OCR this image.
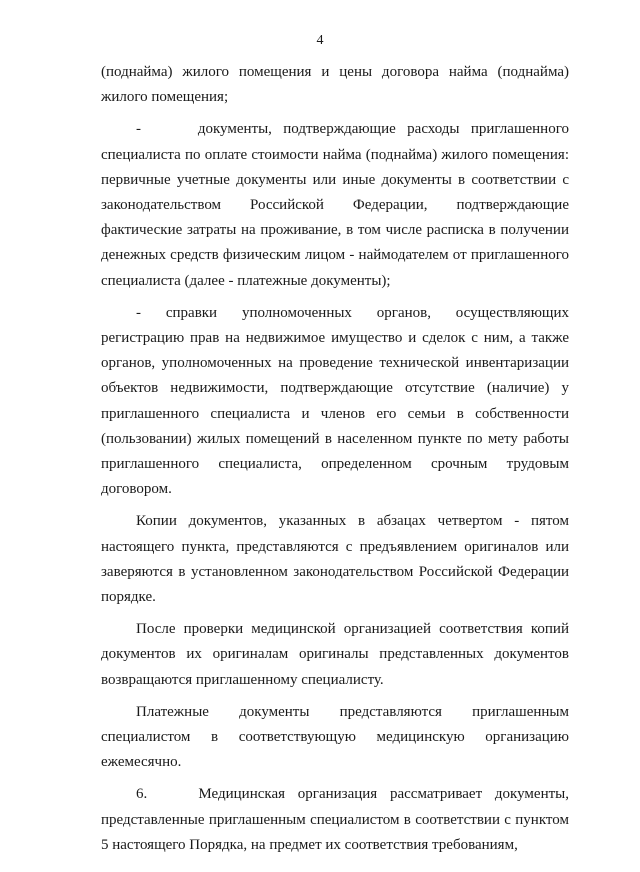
4

(поднайма) жилого помещения и цены договора найма (поднайма) жилого помещения;

-     документы, подтверждающие расходы приглашенного специалиста по оплате стоимости найма (поднайма) жилого помещения: первичные учетные документы или иные документы в соответствии с законодательством Российской Федерации, подтверждающие фактические затраты на проживание, в том числе расписка в получении денежных средств физическим лицом - наймодателем от приглашенного специалиста (далее - платежные документы);

- справки уполномоченных органов, осуществляющих регистрацию прав на недвижимое имущество и сделок с ним, а также органов, уполномоченных на проведение технической инвентаризации объектов недвижимости, подтверждающие отсутствие (наличие) у приглашенного специалиста и членов его семьи в собственности (пользовании) жилых помещений в населенном пункте по мету работы приглашенного специалиста, определенном срочным трудовым договором.

Копии документов, указанных в абзацах четвертом - пятом настоящего пункта, представляются с предъявлением оригиналов или заверяются в установленном законодательством Российской Федерации порядке.

После проверки медицинской организацией соответствия копий документов их оригиналам оригиналы представленных документов возвращаются приглашенному специалисту.

Платежные документы представляются приглашенным специалистом в соответствующую медицинскую организацию ежемесячно.

6.    Медицинская организация рассматривает документы, представленные приглашенным специалистом в соответствии с пунктом 5 настоящего Порядка, на предмет их соответствия требованиям,
